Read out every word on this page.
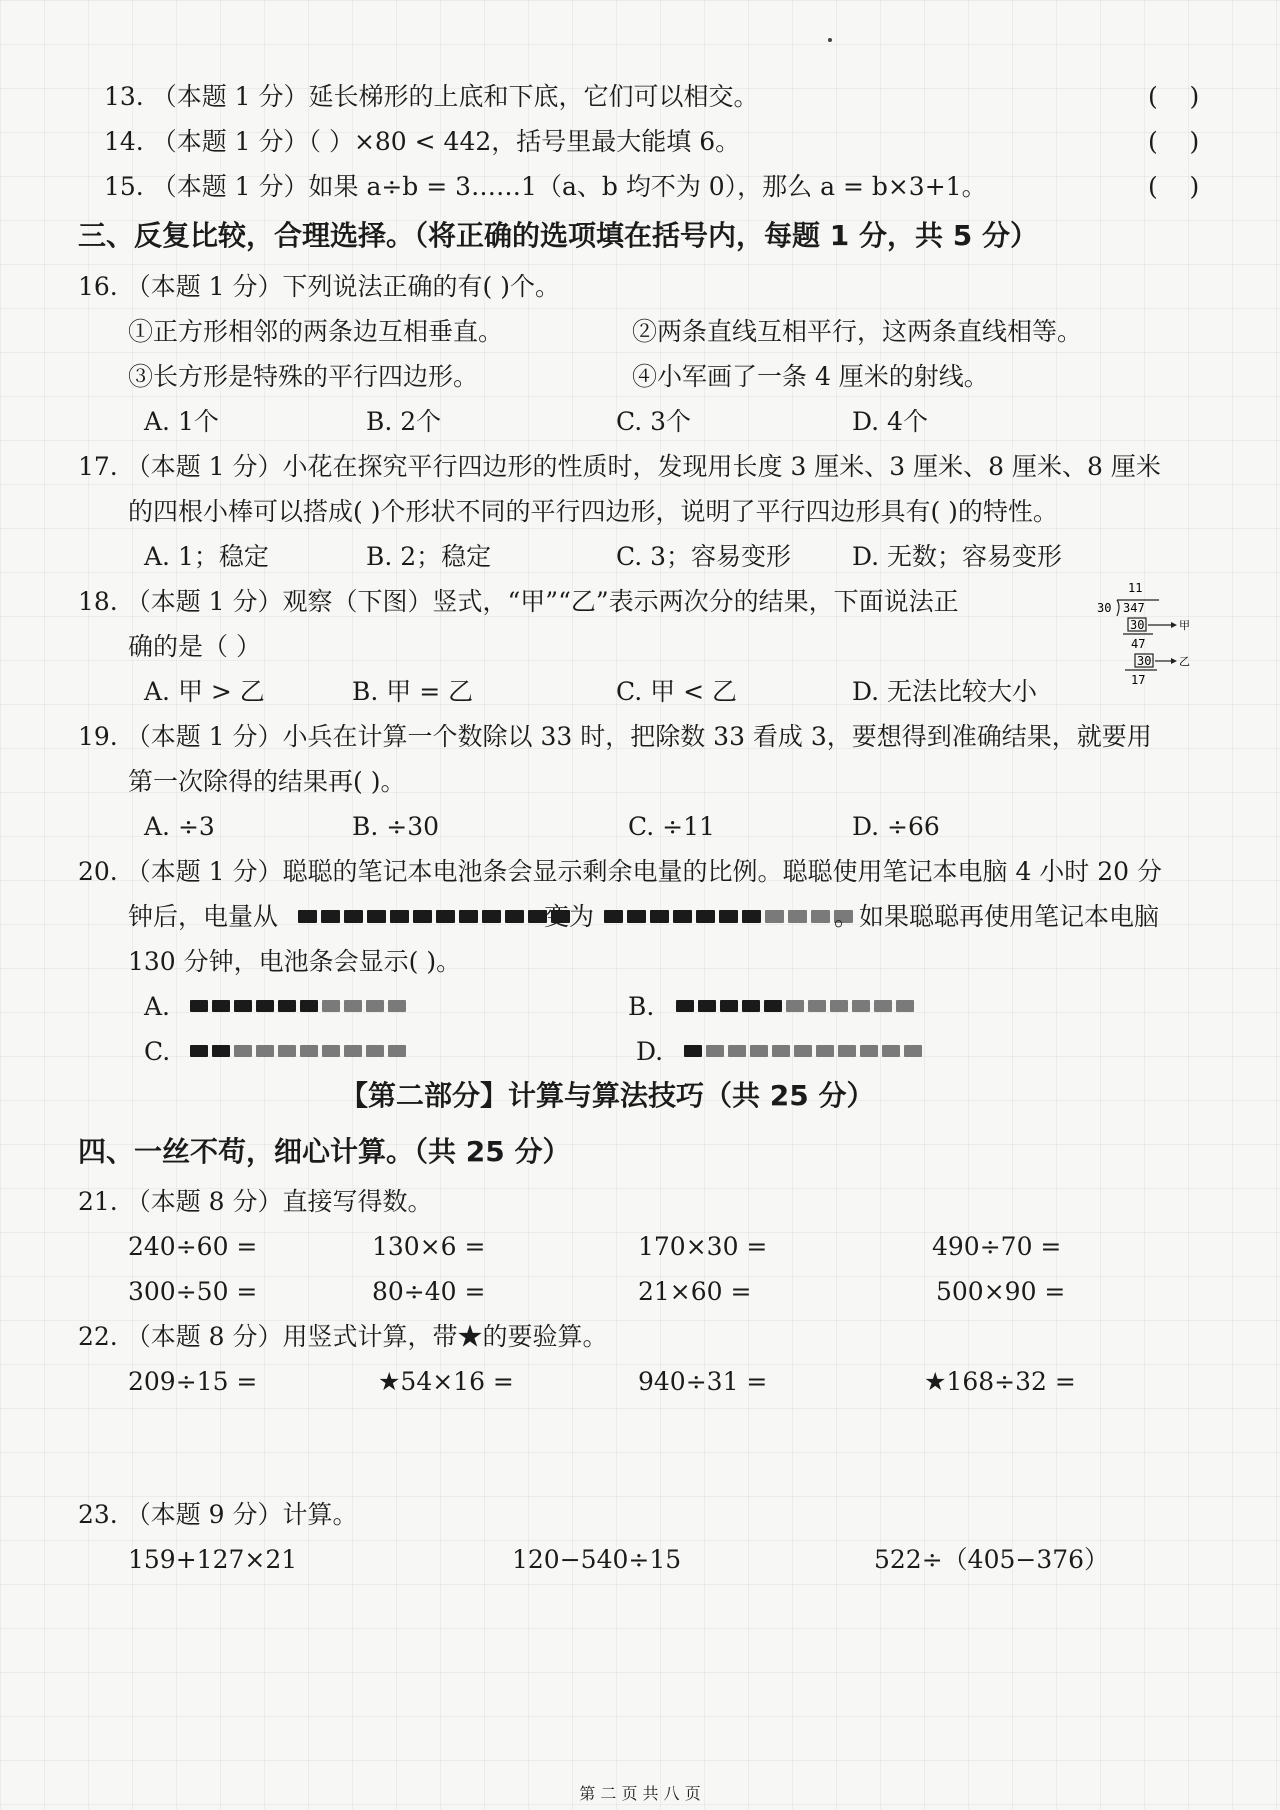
13. （本题 1 分）延长梯形的上底和下底，它们可以相交。	(    )
14. （本题 1 分）（ ）×80 < 442，括号里最大能填 6。	(    )
15. （本题 1 分）如果 a÷b = 3……1（a、b 均不为 0），那么 a = b×3+1。	(    )
三、反复比较，合理选择。（将正确的选项填在括号内，每题 1 分，共 5 分）
16. （本题 1 分）下列说法正确的有( )个。
①正方形相邻的两条边互相垂直。	②两条直线互相平行，这两条直线相等。
③长方形是特殊的平行四边形。	④小军画了一条 4 厘米的射线。
A. 1个	B. 2个	C. 3个	D. 4个
17. （本题 1 分）小花在探究平行四边形的性质时，发现用长度 3 厘米、3 厘米、8 厘米、8 厘米
的四根小棒可以搭成( )个形状不同的平行四边形，说明了平行四边形具有( )的特性。
A. 1；稳定	B. 2；稳定	C. 3；容易变形 D. 无数；容易变形
18. （本题 1 分）观察（下图）竖式，“甲”“乙”表示两次分的结果，下面说法正
确的是（ ）
A. 甲 > 乙	B. 甲 = 乙	C. 甲 < 乙	D. 无法比较大小
11
30 347
30	甲
47
30	乙
17
19. （本题 1 分）小兵在计算一个数除以 33 时，把除数 33 看成 3，要想得到准确结果，就要用
第一次除得的结果再( )。
A. ÷3	B. ÷30	C. ÷11	D. ÷66
20. （本题 1 分）聪聪的笔记本电池条会显示剩余电量的比例。聪聪使用笔记本电脑 4 小时 20 分
钟后，电量从	变为	。如果聪聪再使用笔记本电脑
130 分钟，电池条会显示( )。
A.	B.
C.	D.
【第二部分】计算与算法技巧（共 25 分）
四、一丝不苟，细心计算。（共 25 分）
21. （本题 8 分）直接写得数。
240÷60 =	130×6 =	170×30 =	490÷70 =
300÷50 =	80÷40 =	21×60 =	500×90 =
22. （本题 8 分）用竖式计算，带★的要验算。
209÷15 =	★54×16 =	940÷31 =	★168÷32 =
23. （本题 9 分）计算。
159+127×21	120−540÷15	522÷（405−376）
第 二 页 共 八 页
